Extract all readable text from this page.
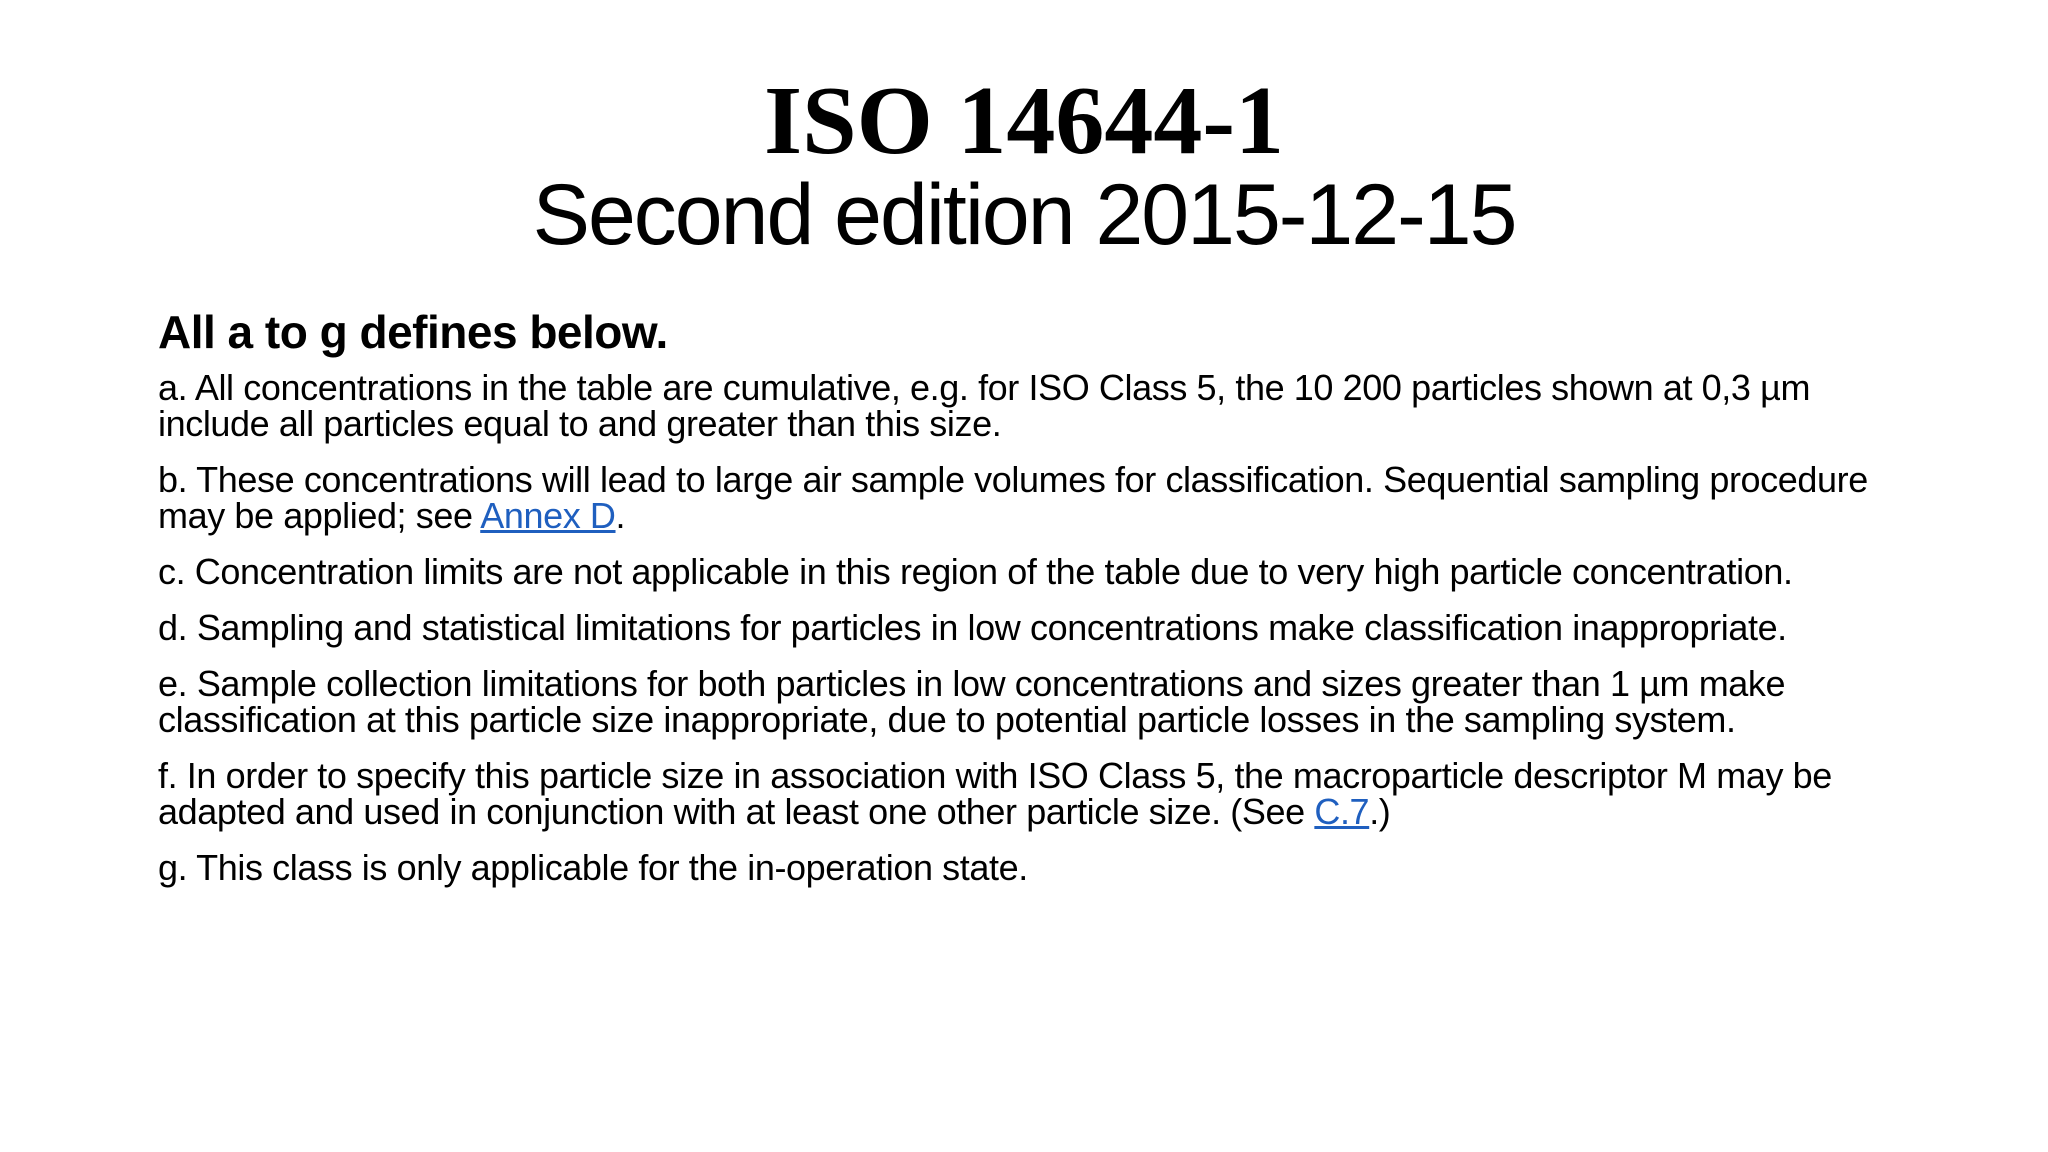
ISO 14644-1
Second edition 2015-12-15

All a to g defines below.

a. All concentrations in the table are cumulative, e.g. for ISO Class 5, the 10 200 particles shown at 0,3 µm include all particles equal to and greater than this size.

b. These concentrations will lead to large air sample volumes for classification. Sequential sampling procedure may be applied; see Annex D.

c. Concentration limits are not applicable in this region of the table due to very high particle concentration.

d. Sampling and statistical limitations for particles in low concentrations make classification inappropriate.

e. Sample collection limitations for both particles in low concentrations and sizes greater than 1 µm make classification at this particle size inappropriate, due to potential particle losses in the sampling system.

f. In order to specify this particle size in association with ISO Class 5, the macroparticle descriptor M may be adapted and used in conjunction with at least one other particle size. (See C.7.)

g. This class is only applicable for the in-operation state.
